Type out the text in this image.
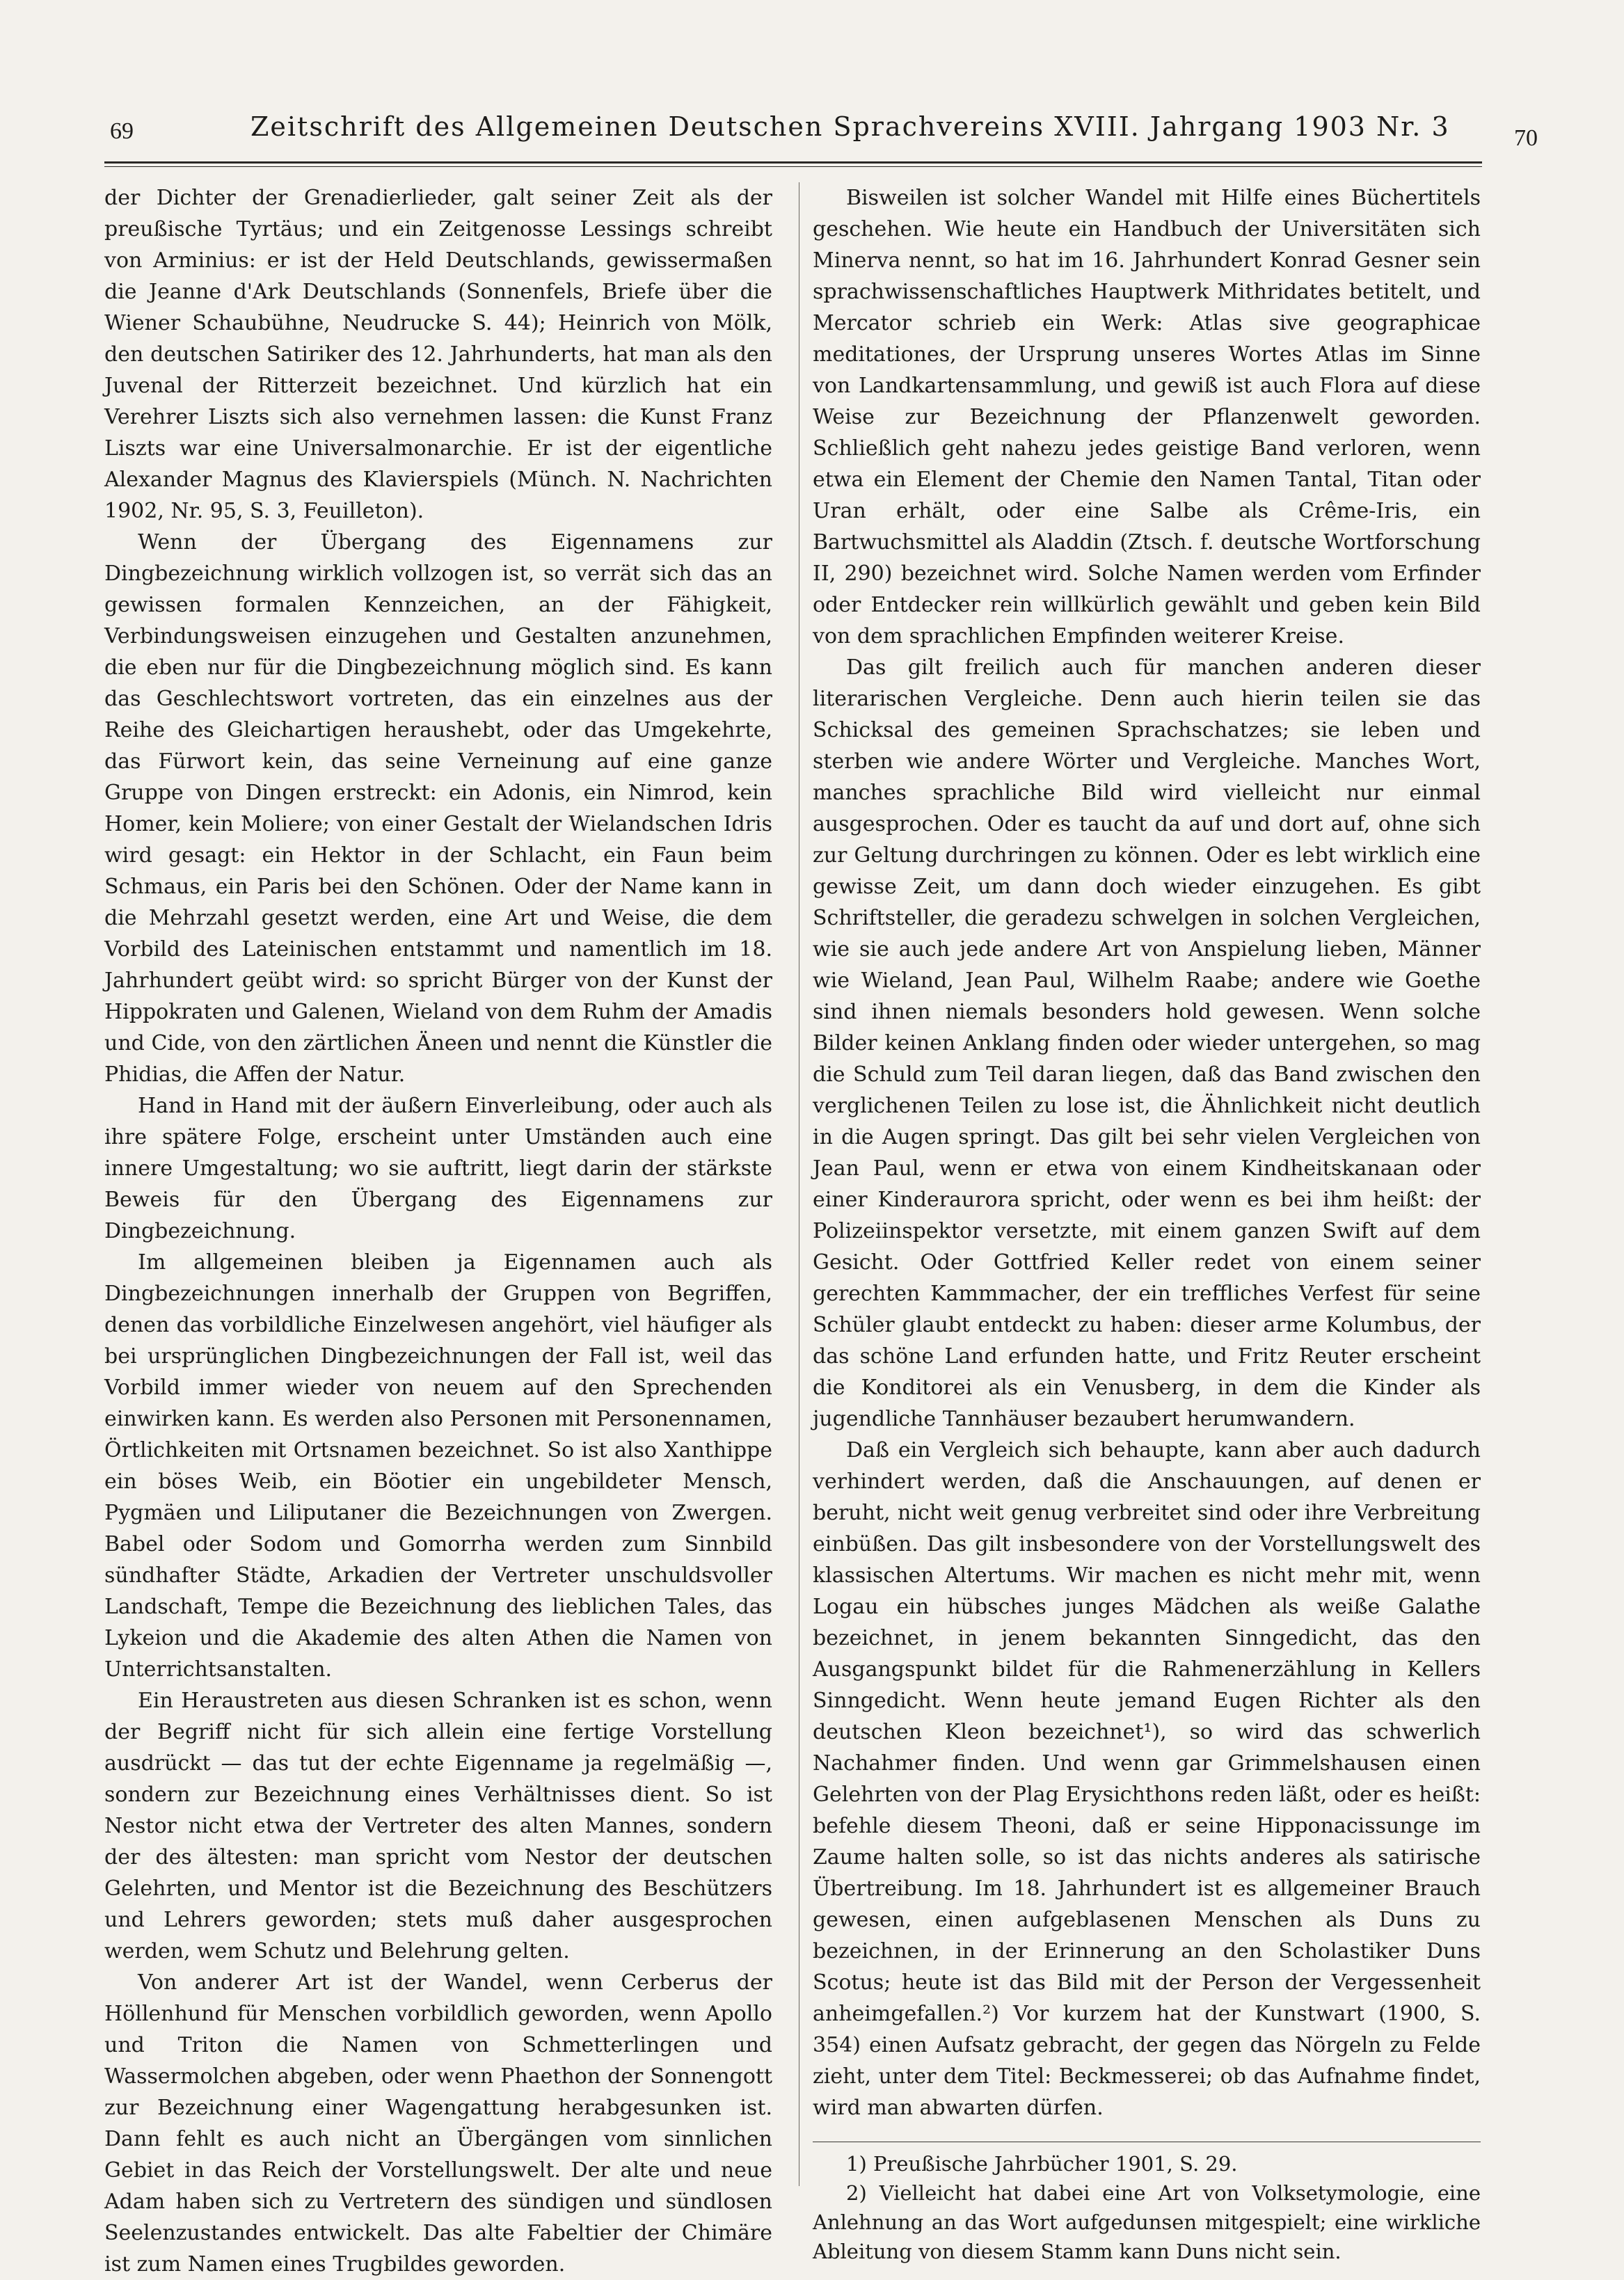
69	Zeitschrift des Allgemeinen Deutschen Sprachvereins XVIII. Jahrgang 1903 Nr. 3	70

der Dichter der Grenadierlieder, galt seiner Zeit als der preußische Tyrtäus; und ein Zeitgenosse Lessings schreibt von Arminius: er ist der Held Deutschlands, gewissermaßen die Jeanne d'Ark Deutschlands (Sonnenfels, Briefe über die Wiener Schaubühne, Neudrucke S. 44); Heinrich von Mölk, den deutschen Satiriker des 12. Jahrhunderts, hat man als den Juvenal der Ritterzeit bezeichnet. Und kürzlich hat ein Verehrer Liszts sich also vernehmen lassen: die Kunst Franz Liszts war eine Universalmonarchie. Er ist der eigentliche Alexander Magnus des Klavierspiels (Münch. N. Nachrichten 1902, Nr. 95, S. 3, Feuilleton).

Wenn der Übergang des Eigennamens zur Dingbezeichnung wirklich vollzogen ist, so verrät sich das an gewissen formalen Kennzeichen, an der Fähigkeit, Verbindungsweisen einzugehen und Gestalten anzunehmen, die eben nur für die Dingbezeichnung möglich sind. Es kann das Geschlechtswort vortreten, das ein einzelnes aus der Reihe des Gleichartigen heraushebt, oder das Umgekehrte, das Fürwort kein, das seine Verneinung auf eine ganze Gruppe von Dingen erstreckt: ein Adonis, ein Nimrod, kein Homer, kein Moliere; von einer Gestalt der Wielandschen Idris wird gesagt: ein Hektor in der Schlacht, ein Faun beim Schmaus, ein Paris bei den Schönen. Oder der Name kann in die Mehrzahl gesetzt werden, eine Art und Weise, die dem Vorbild des Lateinischen entstammt und namentlich im 18. Jahrhundert geübt wird: so spricht Bürger von der Kunst der Hippokraten und Galenen, Wieland von dem Ruhm der Amadis und Cide, von den zärtlichen Äneen und nennt die Künstler die Phidias, die Affen der Natur.

Hand in Hand mit der äußern Einverleibung, oder auch als ihre spätere Folge, erscheint unter Umständen auch eine innere Umgestaltung; wo sie auftritt, liegt darin der stärkste Beweis für den Übergang des Eigennamens zur Dingbezeichnung.

Im allgemeinen bleiben ja Eigennamen auch als Dingbezeichnungen innerhalb der Gruppen von Begriffen, denen das vorbildliche Einzelwesen angehört, viel häufiger als bei ursprünglichen Dingbezeichnungen der Fall ist, weil das Vorbild immer wieder von neuem auf den Sprechenden einwirken kann. Es werden also Personen mit Personennamen, Örtlichkeiten mit Ortsnamen bezeichnet. So ist also Xanthippe ein böses Weib, ein Böotier ein ungebildeter Mensch, Pygmäen und Liliputaner die Bezeichnungen von Zwergen. Babel oder Sodom und Gomorrha werden zum Sinnbild sündhafter Städte, Arkadien der Vertreter unschuldsvoller Landschaft, Tempe die Bezeichnung des lieblichen Tales, das Lykeion und die Akademie des alten Athen die Namen von Unterrichtsanstalten.

Ein Heraustreten aus diesen Schranken ist es schon, wenn der Begriff nicht für sich allein eine fertige Vorstellung ausdrückt — das tut der echte Eigenname ja regelmäßig —, sondern zur Bezeichnung eines Verhältnisses dient. So ist Nestor nicht etwa der Vertreter des alten Mannes, sondern der des ältesten: man spricht vom Nestor der deutschen Gelehrten, und Mentor ist die Bezeichnung des Beschützers und Lehrers geworden; stets muß daher ausgesprochen werden, wem Schutz und Belehrung gelten.

Von anderer Art ist der Wandel, wenn Cerberus der Höllenhund für Menschen vorbildlich geworden, wenn Apollo und Triton die Namen von Schmetterlingen und Wassermolchen abgeben, oder wenn Phaethon der Sonnengott zur Bezeichnung einer Wagengattung herabgesunken ist. Dann fehlt es auch nicht an Übergängen vom sinnlichen Gebiet in das Reich der Vorstellungswelt. Der alte und neue Adam haben sich zu Vertretern des sündigen und sündlosen Seelenzustandes entwickelt. Das alte Fabeltier der Chimäre ist zum Namen eines Trugbildes geworden.

Bisweilen ist solcher Wandel mit Hilfe eines Büchertitels geschehen. Wie heute ein Handbuch der Universitäten sich Minerva nennt, so hat im 16. Jahrhundert Konrad Gesner sein sprachwissenschaftliches Hauptwerk Mithridates betitelt, und Mercator schrieb ein Werk: Atlas sive geographicae meditationes, der Ursprung unseres Wortes Atlas im Sinne von Landkartensammlung, und gewiß ist auch Flora auf diese Weise zur Bezeichnung der Pflanzenwelt geworden. Schließlich geht nahezu jedes geistige Band verloren, wenn etwa ein Element der Chemie den Namen Tantal, Titan oder Uran erhält, oder eine Salbe als Crême-Iris, ein Bartwuchsmittel als Aladdin (Ztsch. f. deutsche Wortforschung II, 290) bezeichnet wird. Solche Namen werden vom Erfinder oder Entdecker rein willkürlich gewählt und geben kein Bild von dem sprachlichen Empfinden weiterer Kreise.

Das gilt freilich auch für manchen anderen dieser literarischen Vergleiche. Denn auch hierin teilen sie das Schicksal des gemeinen Sprachschatzes; sie leben und sterben wie andere Wörter und Vergleiche. Manches Wort, manches sprachliche Bild wird vielleicht nur einmal ausgesprochen. Oder es taucht da auf und dort auf, ohne sich zur Geltung durchringen zu können. Oder es lebt wirklich eine gewisse Zeit, um dann doch wieder einzugehen. Es gibt Schriftsteller, die geradezu schwelgen in solchen Vergleichen, wie sie auch jede andere Art von Anspielung lieben, Männer wie Wieland, Jean Paul, Wilhelm Raabe; andere wie Goethe sind ihnen niemals besonders hold gewesen. Wenn solche Bilder keinen Anklang finden oder wieder untergehen, so mag die Schuld zum Teil daran liegen, daß das Band zwischen den verglichenen Teilen zu lose ist, die Ähnlichkeit nicht deutlich in die Augen springt. Das gilt bei sehr vielen Vergleichen von Jean Paul, wenn er etwa von einem Kindheitskanaan oder einer Kinderaurora spricht, oder wenn es bei ihm heißt: der Polizeiinspektor versetzte, mit einem ganzen Swift auf dem Gesicht. Oder Gottfried Keller redet von einem seiner gerechten Kammmacher, der ein treffliches Verfest für seine Schüler glaubt entdeckt zu haben: dieser arme Kolumbus, der das schöne Land erfunden hatte, und Fritz Reuter erscheint die Konditorei als ein Venusberg, in dem die Kinder als jugendliche Tannhäuser bezaubert herumwandern.

Daß ein Vergleich sich behaupte, kann aber auch dadurch verhindert werden, daß die Anschauungen, auf denen er beruht, nicht weit genug verbreitet sind oder ihre Verbreitung einbüßen. Das gilt insbesondere von der Vorstellungswelt des klassischen Altertums. Wir machen es nicht mehr mit, wenn Logau ein hübsches junges Mädchen als weiße Galathe bezeichnet, in jenem bekannten Sinngedicht, das den Ausgangspunkt bildet für die Rahmenerzählung in Kellers Sinngedicht. Wenn heute jemand Eugen Richter als den deutschen Kleon bezeichnet¹), so wird das schwerlich Nachahmer finden. Und wenn gar Grimmelshausen einen Gelehrten von der Plag Erysichthons reden läßt, oder es heißt: befehle diesem Theoni, daß er seine Hipponacissunge im Zaume halten solle, so ist das nichts anderes als satirische Übertreibung. Im 18. Jahrhundert ist es allgemeiner Brauch gewesen, einen aufgeblasenen Menschen als Duns zu bezeichnen, in der Erinnerung an den Scholastiker Duns Scotus; heute ist das Bild mit der Person der Vergessenheit anheimgefallen.²) Vor kurzem hat der Kunstwart (1900, S. 354) einen Aufsatz gebracht, der gegen das Nörgeln zu Felde zieht, unter dem Titel: Beckmesserei; ob das Aufnahme findet, wird man abwarten dürfen.

1) Preußische Jahrbücher 1901, S. 29.

2) Vielleicht hat dabei eine Art von Volksetymologie, eine Anlehnung an das Wort aufgedunsen mitgespielt; eine wirkliche Ableitung von diesem Stamm kann Duns nicht sein.
